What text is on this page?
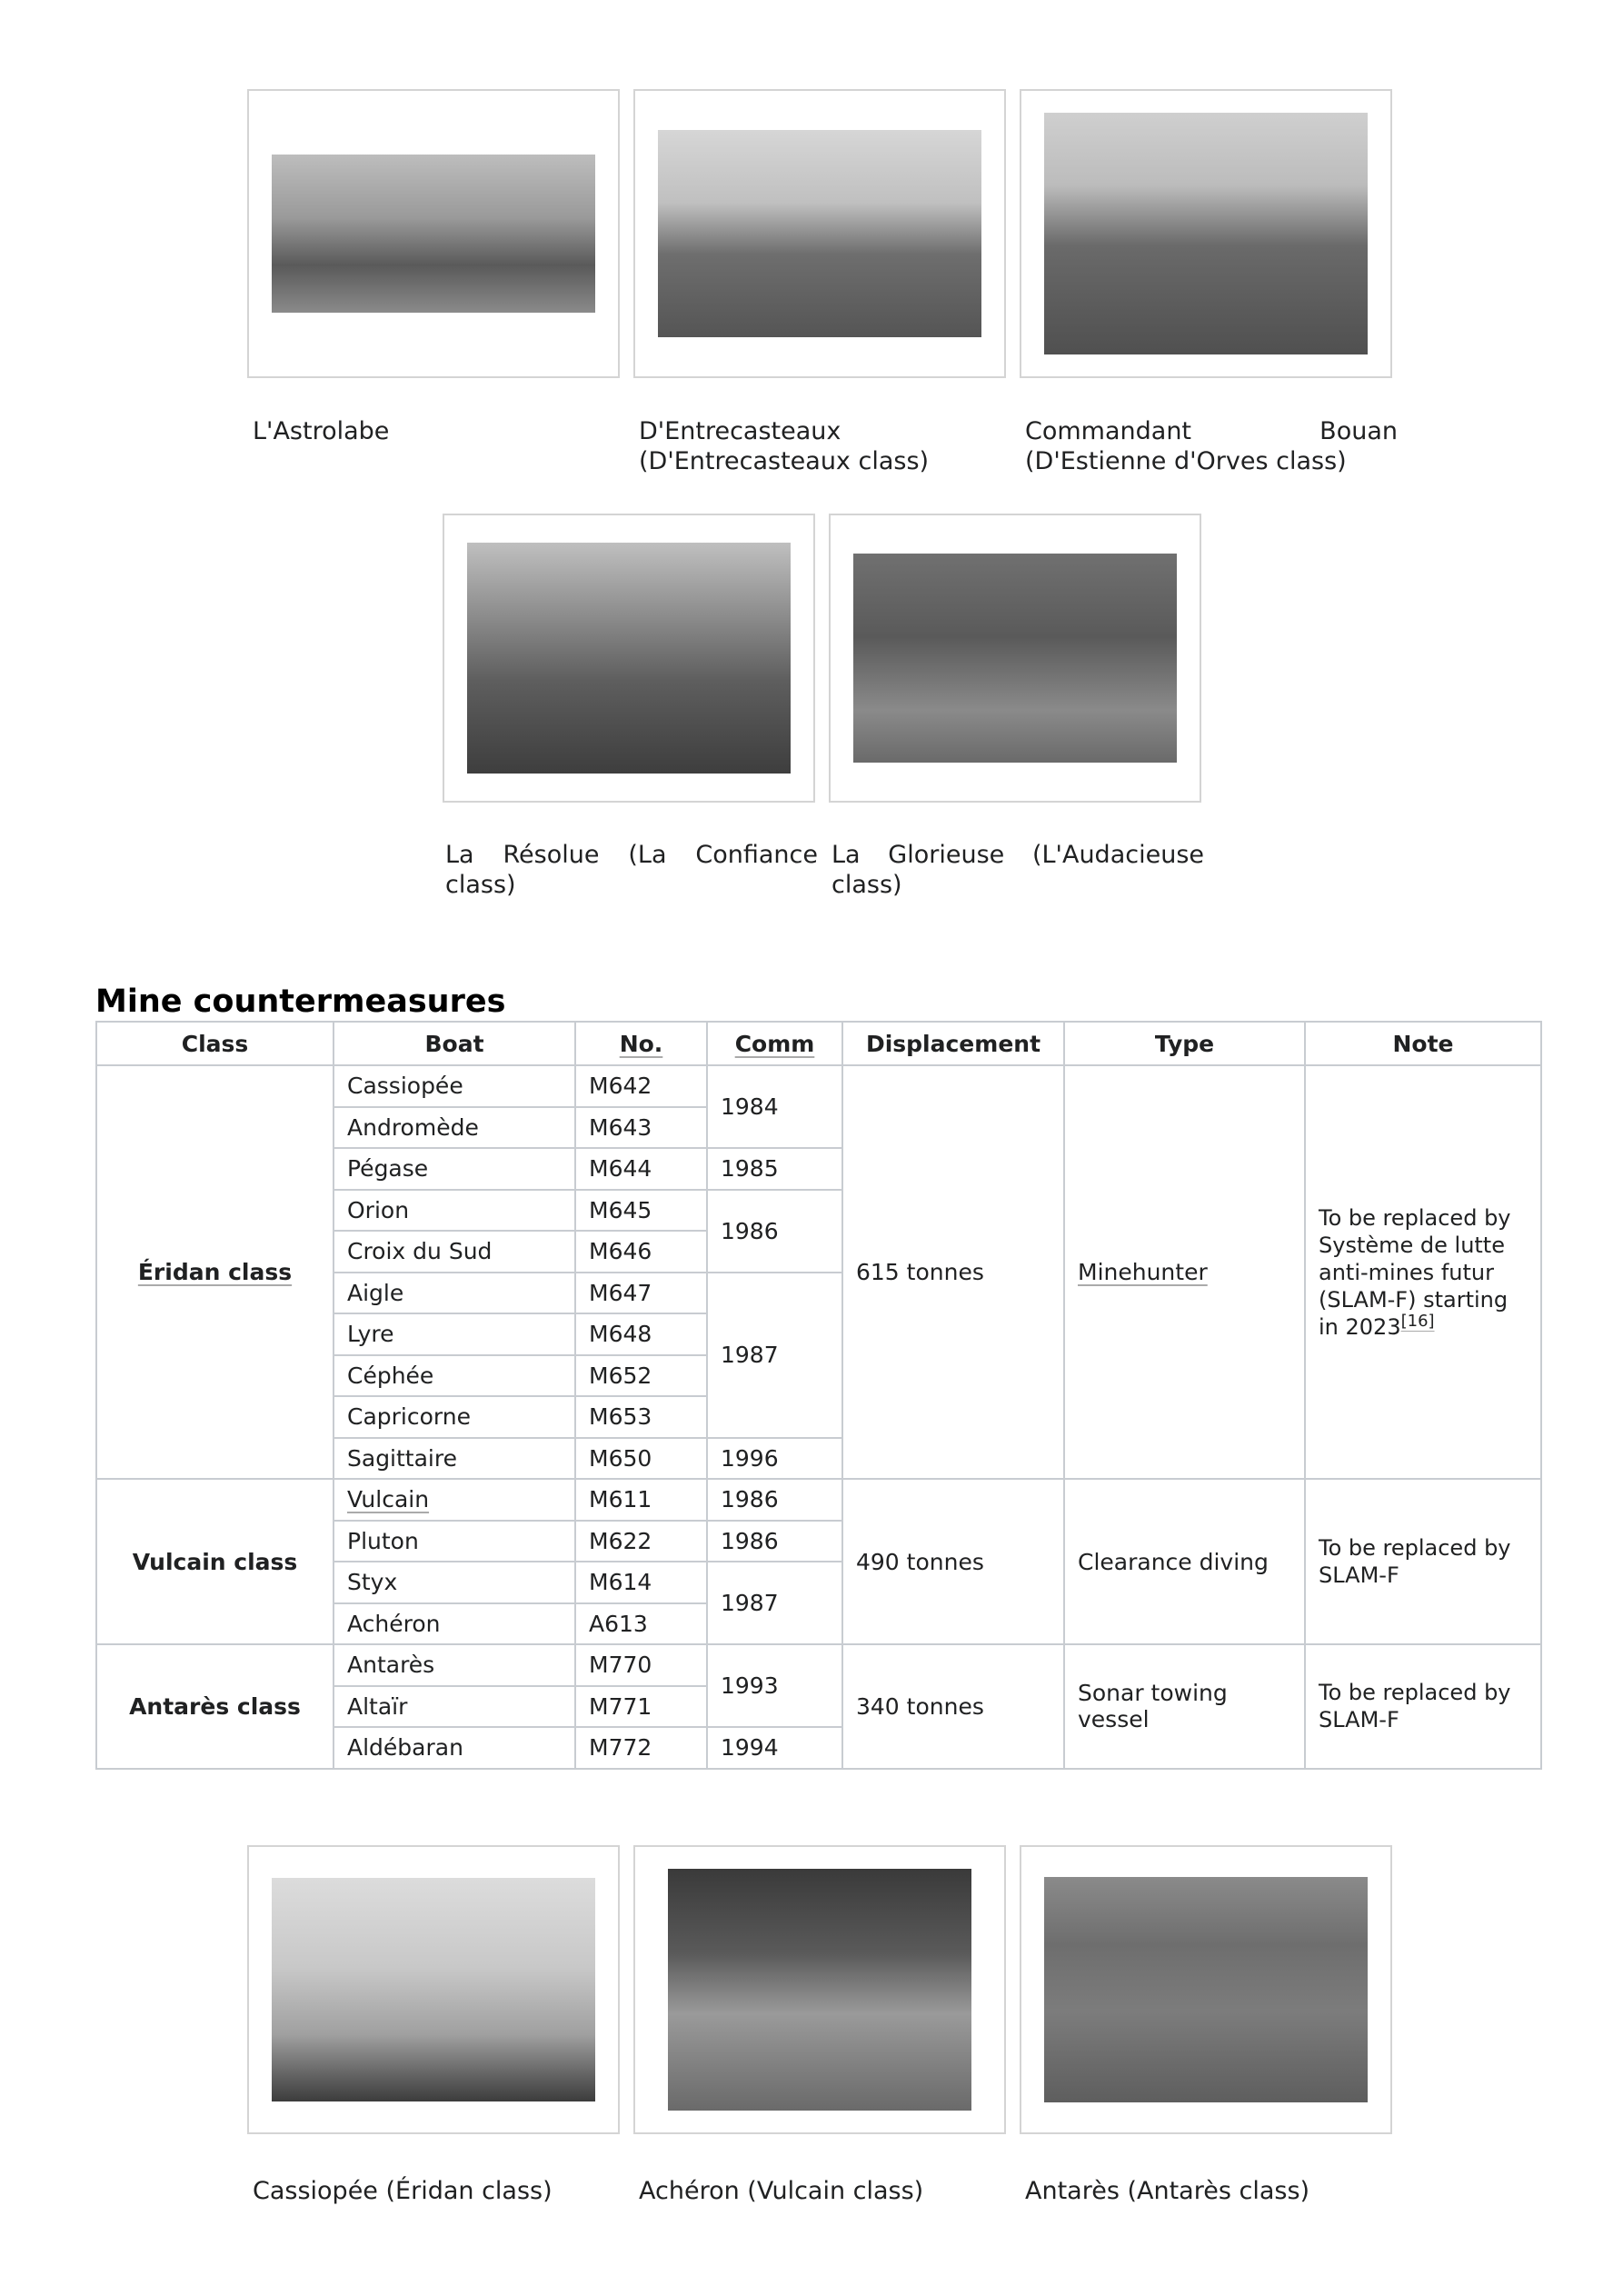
L'Astrolabe	D'Entrecasteaux (D'Entrecasteaux class)
Commandant Bouan (D'Estienne d'Orves class)
La Résolue (La Confiance class)
La Glorieuse (L'Audacieuse class)
Mine countermeasures
Class	Boat	No.	Comm	Displacement	Type	Note
Éridan class	Cassiopée	M642	1984	615 tonnes	Minehunter	To be replaced by Système de lutte anti-mines futur (SLAM-F) starting in 2023[16]
	Andromède	M643				
	Pégase	M644	1985			
	Orion	M645	1986			
	Croix du Sud	M646				
	Aigle	M647	1987			
	Lyre	M648				
	Céphée	M652				
	Capricorne	M653				
	Sagittaire	M650	1996			
Vulcain class	Vulcain	M611	1986	490 tonnes	Clearance diving	To be replaced by SLAM-F
	Pluton	M622	1986			
	Styx	M614	1987			
	Achéron	A613				
Antarès class	Antarès	M770	1993	340 tonnes	Sonar towing vessel	To be replaced by SLAM-F
	Altaïr	M771				
	Aldébaran	M772	1994			
Cassiopée (Éridan class)	Achéron (Vulcain class)	Antarès (Antarès class)
